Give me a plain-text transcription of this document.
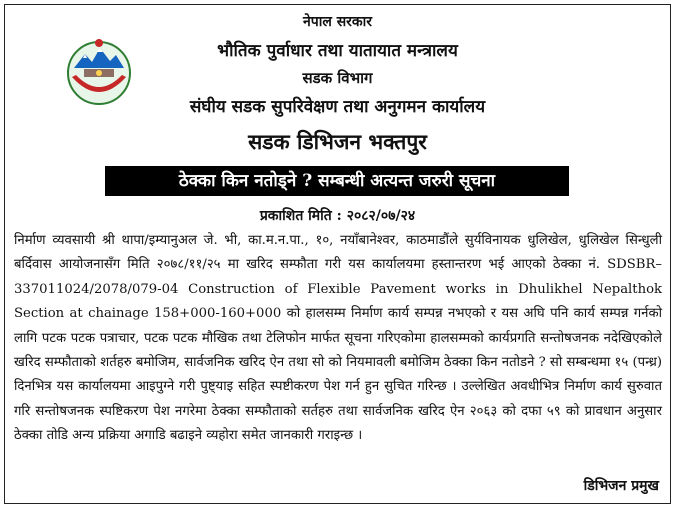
नेपाल सरकार
भौतिक पुर्वाधार तथा यातायात मन्त्रालय
सडक विभाग
संघीय सडक सुपरिवेक्षण तथा अनुगमन कार्यालय
सडक डिभिजन भक्तपुर
ठेक्का किन नतोड्ने ? सम्बन्धी अत्यन्त जरुरी सूचना
प्रकाशित मिति : २०८२/०७/२४
निर्माण व्यवसायी श्री थापा/इम्यानुअल जे. भी, का.म.न.पा., १०, नयाँबानेश्वर, काठमाडौंले सुर्यविनायक धुलिखेल, धुलिखेल सिन्धुली बर्दिवास आयोजनासँग मिति २०७८/११/२५ मा खरिद सम्फौता गरी यस कार्यालयमा हस्तान्तरण भई आएको ठेक्का नं. SDSBR–337011024/2078/079-04 Construction of Flexible Pavement works in Dhulikhel Nepalthok Section at chainage 158+000-160+000 को हालसम्म निर्माण कार्य सम्पन्न नभएको र यस अघि पनि कार्य सम्पन्न गर्नको लागि पटक पटक पत्राचार, पटक पटक मौखिक तथा टेलिफोन मार्फत सूचना गरिएकोमा हालसम्मको कार्यप्रगति सन्तोषजनक नदेखिएकोले खरिद सम्फौताको शर्तहरु बमोजिम, सार्वजनिक खरिद ऐन तथा सो को नियमावली बमोजिम ठेक्का किन नतोडने ? सो सम्बन्धमा १५ (पन्ध्र) दिनभित्र यस कार्यालयमा आइपुग्ने गरी पुष्ट्याइ सहित स्पष्टीकरण पेश गर्न हुन सुचित गरिन्छ । उल्लेखित अवधीभित्र निर्माण कार्य सुरुवात गरि सन्तोषजनक स्पष्टिकरण पेश नगरेमा ठेक्का सम्फौताको सर्तहरु तथा सार्वजनिक खरिद ऐन २०६३ को दफा ५९ को प्रावधान अनुसार ठेक्का तोडि अन्य प्रक्रिया अगाडि बढाइने व्यहोरा समेत जानकारी गराइन्छ ।
डिभिजन प्रमुख
